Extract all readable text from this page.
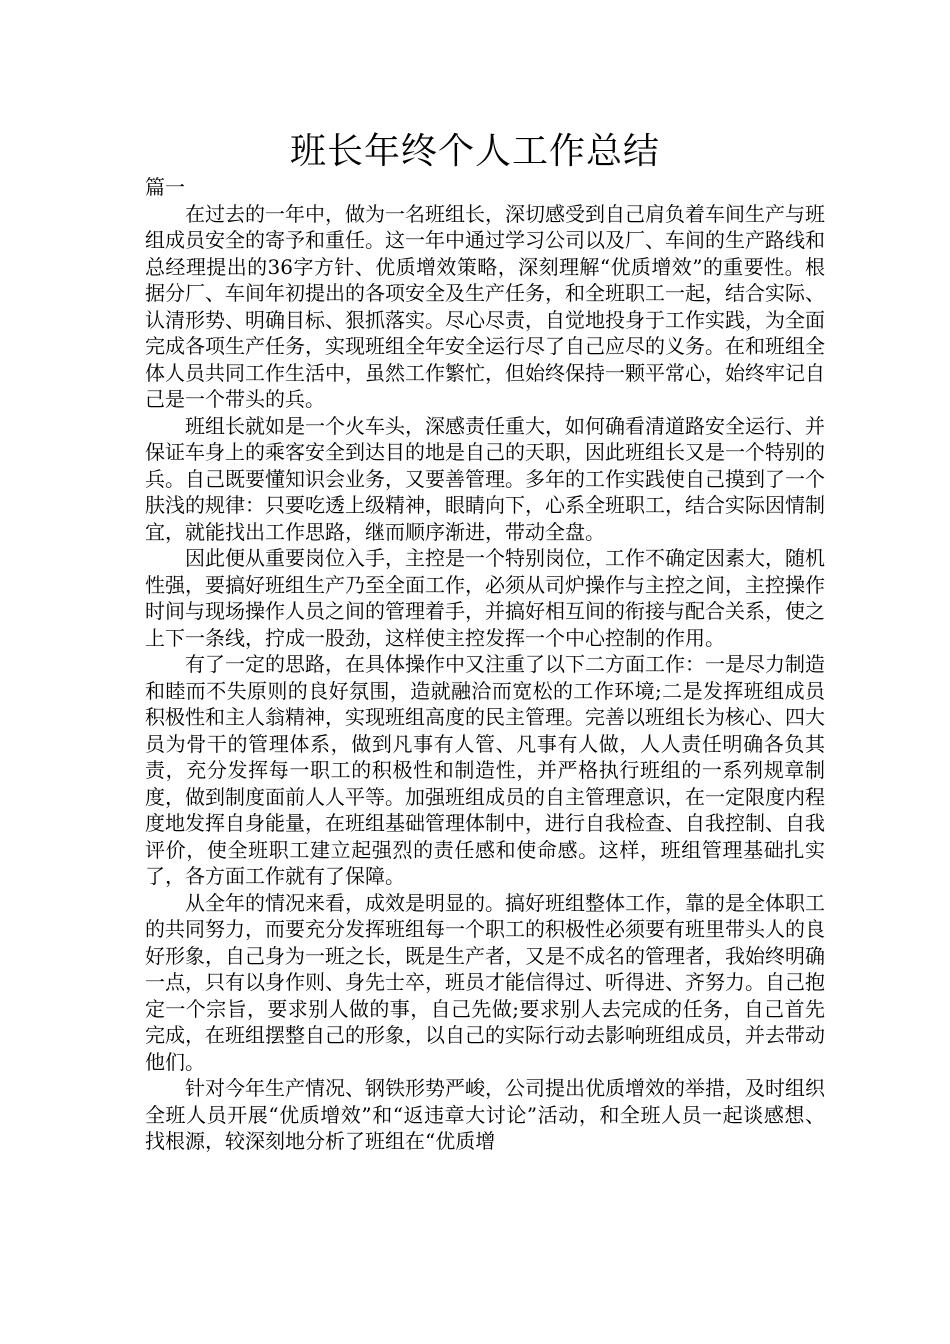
班长年终个人工作总结

篇一

在过去的一年中，做为一名班组长，深切感受到自己肩负着车间生产与班组成员安全的寄予和重任。这一年中通过学习公司以及厂、车间的生产路线和总经理提出的36字方针、优质增效策略，深刻理解“优质增效”的重要性。根据分厂、车间年初提出的各项安全及生产任务，和全班职工一起，结合实际、认清形势、明确目标、狠抓落实。尽心尽责，自觉地投身于工作实践，为全面完成各项生产任务，实现班组全年安全运行尽了自己应尽的义务。在和班组全体人员共同工作生活中，虽然工作繁忙，但始终保持一颗平常心，始终牢记自己是一个带头的兵。

班组长就如是一个火车头，深感责任重大，如何确看清道路安全运行、并保证车身上的乘客安全到达目的地是自己的天职，因此班组长又是一个特别的兵。自己既要懂知识会业务，又要善管理。多年的工作实践使自己摸到了一个肤浅的规律：只要吃透上级精神，眼睛向下，心系全班职工，结合实际因情制宜，就能找出工作思路，继而顺序渐进，带动全盘。

因此便从重要岗位入手，主控是一个特别岗位，工作不确定因素大，随机性强，要搞好班组生产乃至全面工作，必须从司炉操作与主控之间，主控操作时间与现场操作人员之间的管理着手，并搞好相互间的衔接与配合关系，使之上下一条线，拧成一股劲，这样使主控发挥一个中心控制的作用。

有了一定的思路，在具体操作中又注重了以下二方面工作：一是尽力制造和睦而不失原则的良好氛围，造就融洽而宽松的工作环境;二是发挥班组成员积极性和主人翁精神，实现班组高度的民主管理。完善以班组长为核心、四大员为骨干的管理体系，做到凡事有人管、凡事有人做，人人责任明确各负其责，充分发挥每一职工的积极性和制造性，并严格执行班组的一系列规章制度，做到制度面前人人平等。加强班组成员的自主管理意识，在一定限度内程度地发挥自身能量，在班组基础管理体制中，进行自我检查、自我控制、自我评价，使全班职工建立起强烈的责任感和使命感。这样，班组管理基础扎实了，各方面工作就有了保障。

从全年的情况来看，成效是明显的。搞好班组整体工作，靠的是全体职工的共同努力，而要充分发挥班组每一个职工的积极性必须要有班里带头人的良好形象，自己身为一班之长，既是生产者，又是不成名的管理者，我始终明确一点，只有以身作则、身先士卒，班员才能信得过、听得进、齐努力。自己抱定一个宗旨，要求别人做的事，自己先做;要求别人去完成的任务，自己首先完成，在班组摆整自己的形象，以自己的实际行动去影响班组成员，并去带动他们。

针对今年生产情况、钢铁形势严峻，公司提出优质增效的举措，及时组织全班人员开展“优质增效”和“返违章大讨论”活动，和全班人员一起谈感想、找根源，较深刻地分析了班组在“优质增
